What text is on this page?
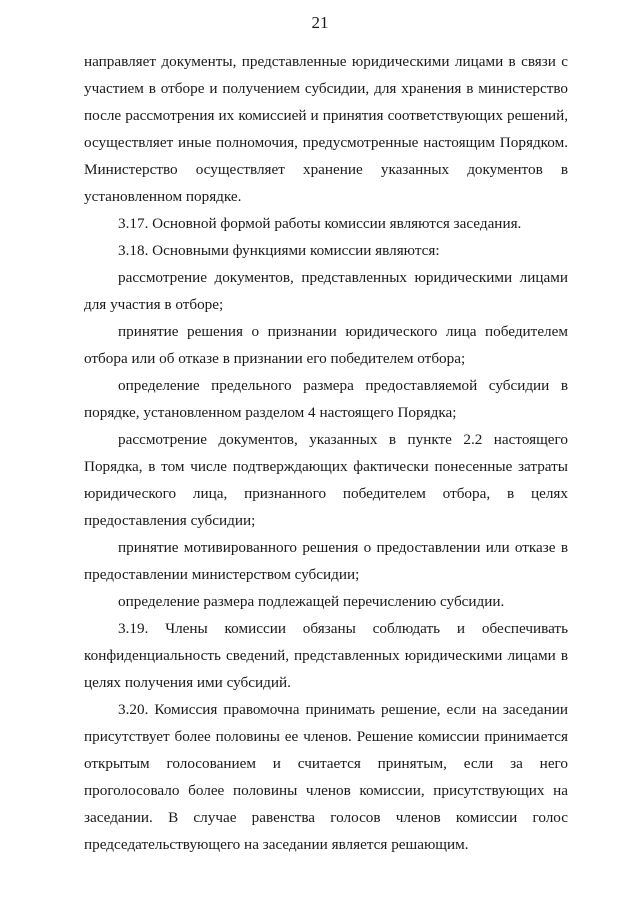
21

направляет документы, представленные юридическими лицами в связи с
участием в отборе и получением субсидии, для хранения в министерство
после рассмотрения их комиссией и принятия соответствующих решений,
осуществляет иные полномочия, предусмотренные настоящим Порядком.
Министерство осуществляет хранение указанных документов в
установленном порядке.

3.17. Основной формой работы комиссии являются заседания.

3.18. Основными функциями комиссии являются:

рассмотрение документов, представленных юридическими лицами
для участия в отборе;

принятие решения о признании юридического лица победителем
отбора или об отказе в признании его победителем отбора;

определение предельного размера предоставляемой субсидии в
порядке, установленном разделом 4 настоящего Порядка;

рассмотрение документов, указанных в пункте 2.2 настоящего
Порядка, в том числе подтверждающих фактически понесенные затраты
юридического лица, признанного победителем отбора, в целях
предоставления субсидии;

принятие мотивированного решения о предоставлении или отказе в
предоставлении министерством субсидии;

определение размера подлежащей перечислению субсидии.

3.19. Члены комиссии обязаны соблюдать и обеспечивать
конфиденциальность сведений, представленных юридическими лицами в
целях получения ими субсидий.

3.20. Комиссия правомочна принимать решение, если на заседании
присутствует более половины ее членов. Решение комиссии принимается
открытым голосованием и считается принятым, если за него
проголосовало более половины членов комиссии, присутствующих на
заседании. В случае равенства голосов членов комиссии голос
председательствующего на заседании является решающим.
